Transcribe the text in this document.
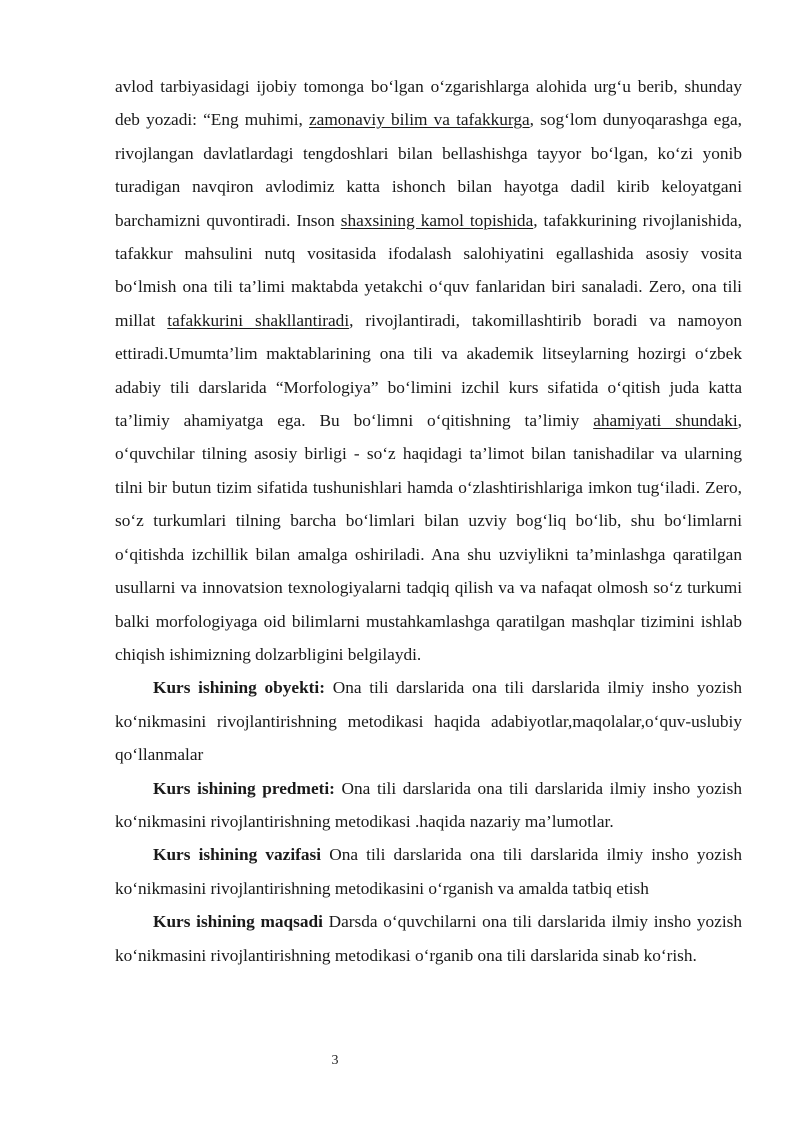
avlod tarbiyasidagi ijobiy tomonga bo‘lgan o‘zgarishlarga alohida urg‘u berib, shunday deb yozadi: “Eng muhimi, zamonaviy bilim va tafakkurga, sog‘lom dunyoqarashga ega, rivojlangan davlatlardagi tengdoshlari bilan bellashishga tayyor bo‘lgan, ko‘zi yonib turadigan navqiron avlodimiz katta ishonch bilan hayotga dadil kirib keloyatgani barchamizni quvontiradi. Inson shaxsining kamol topishida, tafakkurining rivojlanishida, tafakkur mahsulini nutq vositasida ifodalash salohiyatini egallashida asosiy vosita bo‘lmish ona tili ta’limi maktabda yetakchi o‘quv fanlaridan biri sanaladi. Zero, ona tili millat tafakkurini shakllantiradi, rivojlantiradi, takomillashtirib boradi va namoyon ettiradi.Umumta’lim maktablarining ona tili va akademik litseylarning hozirgi o‘zbek adabiy tili darslarida “Morfologiya” bo‘limini izchil kurs sifatida o‘qitish juda katta ta’limiy ahamiyatga ega. Bu bo‘limni o‘qitishning ta’limiy ahamiyati shundaki, o‘quvchilar tilning asosiy birligi - so‘z haqidagi ta’limot bilan tanishadilar va ularning tilni bir butun tizim sifatida tushunishlari hamda o‘zlashtirishlariga imkon tug‘iladi. Zero, so‘z turkumlari tilning barcha bo‘limlari bilan uzviy bog‘liq bo‘lib, shu bo‘limlarni o‘qitishda izchillik bilan amalga oshiriladi. Ana shu uzviylikni ta’minlashga qaratilgan usullarni va innovatsion texnologiyalarni tadqiq qilish va va nafaqat olmosh so‘z turkumi balki morfologiyaga oid bilimlarni mustahkamlashga qaratilgan mashqlar tizimini ishlab chiqish ishimizning dolzarbligini belgilaydi.

Kurs ishining obyekti: Ona tili darslarida ona tili darslarida ilmiy insho yozish ko‘nikmasini rivojlantirishning metodikasi haqida adabiyotlar,maqolalar,o‘quv-uslubiy qo‘llanmalar

Kurs ishining predmeti: Ona tili darslarida ona tili darslarida ilmiy insho yozish ko‘nikmasini rivojlantirishning metodikasi .haqida nazariy ma’lumotlar.

Kurs ishining vazifasi Ona tili darslarida ona tili darslarida ilmiy insho yozish ko‘nikmasini rivojlantirishning metodikasini o‘rganish va amalda tatbiq etish

Kurs ishining maqsadi Darsda o‘quvchilarni ona tili darslarida ilmiy insho yozish ko‘nikmasini rivojlantirishning metodikasi o‘rganib ona tili darslarida sinab ko‘rish.

3
